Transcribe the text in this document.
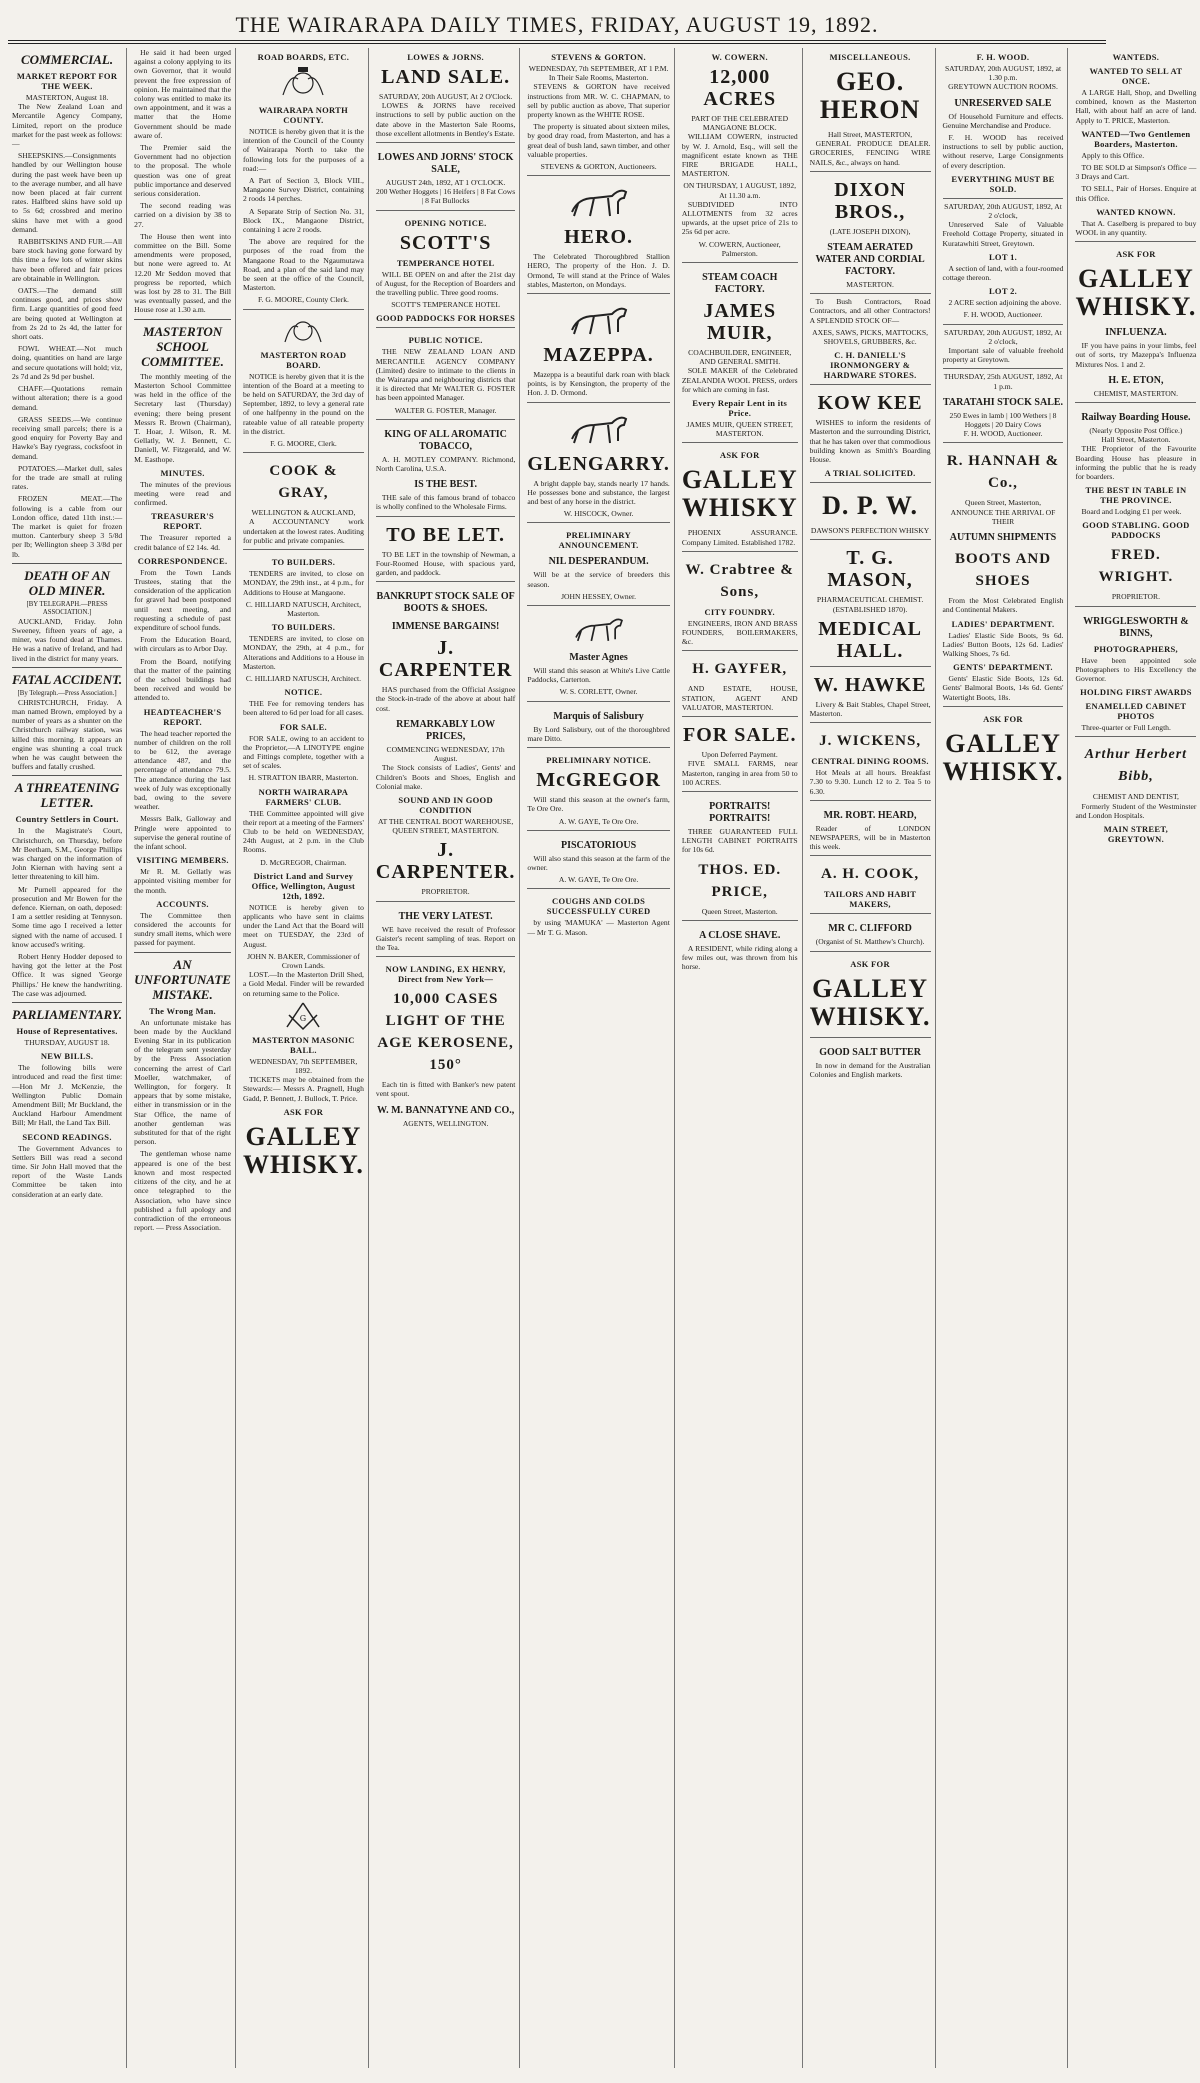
THE WAIRARAPA DAILY TIMES, FRIDAY, AUGUST 19, 1892.
COMMERCIAL.
MARKET REPORT FOR THE WEEK.
MASTERTON, August 18.

The New Zealand Loan and Mercantile Agency Company, Limited, report on the produce market for the past week as follows:—

SHEEPSKINS.—Consignments handled by our Wellington house during the past week have been up to the average number, and all have now been placed at fair current rates. Halfbred skins have sold up to 5s 6d; crossbred and merino skins have met with a good demand.

RABBITSKINS AND FUR.—All bare stock having gone forward by this time a few lots of winter skins have been offered and fair prices are obtainable in Wellington.

OATS.—The demand still continues good, and prices show firm. Large quantities of good feed are being quoted at Wellington at from 2s 2d to 2s 4d, the latter for short oats.

FOWL WHEAT.—Not much doing, quantities on hand are large and secure quotations will hold; viz, 2s 7d and 2s 9d per bushel.

CHAFF.—Quotations remain without alteration; there is a good demand.

GRASS SEEDS.—We continue receiving small parcels; there is a good enquiry for Poverty Bay and Hawke's Bay ryegrass, cocksfoot in demand.

POTATOES.—Market dull, sales for the trade are small at ruling rates.

FROZEN MEAT.—The following is a cable from our London office, dated 11th inst.:—The market is quiet for frozen mutton. Canterbury sheep 3 5/8d per lb; Wellington sheep 3 3/8d per lb.

DEATH OF AN OLD MINER.
[BY TELEGRAPH.—PRESS ASSOCIATION.]

AUCKLAND, Friday. John Sweeney, fifteen years of age, a miner, was found dead at Thames. He was a native of Ireland, and had lived in the district for many years.

FATAL ACCIDENT.
[By Telegraph.—Press Association.]

CHRISTCHURCH, Friday. A man named Brown, employed by a number of years as a shunter on the Christchurch railway station, was killed this morning. It appears an engine was shunting a coal truck when he was caught between the buffers and fatally crushed.

A THREATENING LETTER.
Country Settlers in Court.

In the Magistrate's Court, Christchurch, on Thursday, before Mr Beetham, S.M., George Phillips was charged on the information of John Kiernan with having sent a letter threatening to kill him.

Mr Purnell appeared for the prosecution and Mr Bowen for the defence. Kiernan, on oath, deposed: I am a settler residing at Tennyson. Some time ago I received a letter signed with the name of accused. I know accused's writing.

Robert Henry Hodder deposed to having got the letter at the Post Office. It was signed 'George Phillips.' He knew the handwriting. The case was adjourned.

PARLIAMENTARY.
House of Representatives.
THURSDAY, AUGUST 18.
NEW BILLS.

The following bills were introduced and read the first time:—Hon Mr J. McKenzie, the Wellington Public Domain Amendment Bill; Mr Buckland, the Auckland Harbour Amendment Bill; Mr Hall, the Land Tax Bill.

SECOND READINGS.

The Government Advances to Settlers Bill was read a second time. Sir John Hall moved that the report of the Waste Lands Committee be taken into consideration at an early date.

He said it had been urged against a colony applying to its own Governor, that it would prevent the free expression of opinion. He maintained that the colony was entitled to make its own appointment, and it was a matter that the Home Government should be made aware of.

The Premier said the Government had no objection to the proposal. The whole question was one of great public importance and deserved serious consideration.

The second reading was carried on a division by 38 to 27.

The House then went into committee on the Bill. Some amendments were proposed, but none were agreed to. At 12.20 Mr Seddon moved that progress be reported, which was lost by 28 to 31. The Bill was eventually passed, and the House rose at 1.30 a.m.

MASTERTON SCHOOL COMMITTEE.

The monthly meeting of the Masterton School Committee was held in the office of the Secretary last (Thursday) evening; there being present Messrs R. Brown (Chairman), T. Hoar, J. Wilson, R. M. Gellatly, W. J. Bennett, C. Daniell, W. Fitzgerald, and W. M. Easthope.

MINUTES.

The minutes of the previous meeting were read and confirmed.

TREASURER'S REPORT.

The Treasurer reported a credit balance of £2 14s. 4d.

CORRESPONDENCE.

From the Town Lands Trustees, stating that the consideration of the application for gravel had been postponed until next meeting, and requesting a schedule of past expenditure of school funds.

From the Education Board, with circulars as to Arbor Day.

From the Board, notifying that the matter of the painting of the school buildings had been received and would be attended to.

HEADTEACHER'S REPORT.

The head teacher reported the number of children on the roll to be 612, the average attendance 487, and the percentage of attendance 79.5. The attendance during the last week of July was exceptionally bad, owing to the severe weather.

Messrs Balk, Galloway and Pringle were appointed to supervise the general routine of the infant school.

VISITING MEMBERS.

Mr R. M. Gellatly was appointed visiting member for the month.

ACCOUNTS.

The Committee then considered the accounts for sundry small items, which were passed for payment.

AN UNFORTUNATE MISTAKE.
The Wrong Man.

An unfortunate mistake has been made by the Auckland Evening Star in its publication of the telegram sent yesterday by the Press Association concerning the arrest of Carl Moeller, watchmaker, of Wellington, for forgery. It appears that by some mistake, either in transmission or in the Star Office, the name of another gentleman was substituted for that of the right person.

The gentleman whose name appeared is one of the best known and most respected citizens of the city, and he at once telegraphed to the Association, who have since published a full apology and contradiction of the erroneous report. — Press Association.

ROAD BOARDS, ETC.
WAIRARAPA NORTH COUNTY.

NOTICE is hereby given that it is the intention of the Council of the County of Wairarapa North to take the following lots for the purposes of a road:—

A Part of Section 3, Block VIII., Mangaone Survey District, containing 2 roods 14 perches.

A Separate Strip of Section No. 31, Block IX., Mangaone District, containing 1 acre 2 roods.

The above are required for the purposes of the road from the Mangaone Road to the Ngaumutawa Road, and a plan of the said land may be seen at the office of the Council, Masterton.

F. G. MOORE, County Clerk.
MASTERTON ROAD BOARD.

NOTICE is hereby given that it is the intention of the Board at a meeting to be held on SATURDAY, the 3rd day of September, 1892, to levy a general rate of one halfpenny in the pound on the rateable value of all rateable property in the district.

F. G. MOORE, Clerk.
COOK & GRAY,
WELLINGTON & AUCKLAND,

A ACCOUNTANCY work undertaken at the lowest rates. Auditing for public and private companies.

TO BUILDERS.

TENDERS are invited, to close on MONDAY, the 29th inst., at 4 p.m., for Additions to House at Mangaone.

C. HILLIARD NATUSCH, Architect, Masterton.
TO BUILDERS.

TENDERS are invited, to close on MONDAY, the 29th, at 4 p.m., for Alterations and Additions to a House in Masterton.

C. HILLIARD NATUSCH, Architect.
NOTICE.

THE Fee for removing tenders has been altered to 6d per load for all cases.

FOR SALE.

FOR SALE, owing to an accident to the Proprietor,—A LINOTYPE engine and Fittings complete, together with a set of scales.

H. STRATTON IBARR, Masterton.
NORTH WAIRARAPA FARMERS' CLUB.

THE Committee appointed will give their report at a meeting of the Farmers' Club to be held on WEDNESDAY, 24th August, at 2 p.m. in the Club Rooms.

D. McGREGOR, Chairman.
District Land and Survey Office, Wellington, August 12th, 1892.

NOTICE is hereby given to applicants who have sent in claims under the Land Act that the Board will meet on TUESDAY, the 23rd of August.

JOHN N. BAKER, Commissioner of Crown Lands.

LOST.—In the Masterton Drill Shed, a Gold Medal. Finder will be rewarded on returning same to the Police.

G
MASTERTON MASONIC BALL.
WEDNESDAY, 7th SEPTEMBER, 1892.

TICKETS may be obtained from the Stewards:— Messrs A. Pragnell, Hugh Gadd, P. Bennett, J. Bullock, T. Price.

ASK FOR
GALLEY WHISKY.
LOWES & JORNS.
LAND SALE.
SATURDAY, 20th AUGUST, At 2 O'Clock.

LOWES & JORNS have received instructions to sell by public auction on the date above in the Masterton Sale Rooms, those excellent allotments in Bentley's Estate.

LOWES AND JORNS' STOCK SALE,
AUGUST 24th, 1892, AT 1 O'CLOCK.
200 Wether Hoggets | 16 Heifers | 8 Fat Cows | 8 Fat Bullocks
OPENING NOTICE.
SCOTT'S
TEMPERANCE HOTEL

WILL BE OPEN on and after the 21st day of August, for the Reception of Boarders and the travelling public. Three good rooms.

SCOTT'S TEMPERANCE HOTEL
GOOD PADDOCKS FOR HORSES
PUBLIC NOTICE.

THE NEW ZEALAND LOAN AND MERCANTILE AGENCY COMPANY (Limited) desire to intimate to the clients in the Wairarapa and neighbouring districts that it is directed that Mr WALTER G. FOSTER has been appointed Manager.

WALTER G. FOSTER, Manager.
KING OF ALL AROMATIC TOBACCO,

A. H. MOTLEY COMPANY. Richmond, North Carolina, U.S.A.

IS THE BEST.

THE sale of this famous brand of tobacco is wholly confined to the Wholesale Firms.

TO BE LET.

TO BE LET in the township of Newman, a Four-Roomed House, with spacious yard, garden, and paddock.

BANKRUPT STOCK SALE OF BOOTS & SHOES.
IMMENSE BARGAINS!
J. CARPENTER

HAS purchased from the Official Assignee the Stock-in-trade of the above at about half cost.

REMARKABLY LOW PRICES,
COMMENCING WEDNESDAY, 17th August.

The Stock consists of Ladies', Gents' and Children's Boots and Shoes, English and Colonial make.

SOUND AND IN GOOD CONDITION
AT THE CENTRAL BOOT WAREHOUSE, QUEEN STREET, MASTERTON.
J. CARPENTER.
PROPRIETOR.
THE VERY LATEST.

WE have received the result of Professor Gaister's recent sampling of teas. Report on the Tea.

NOW LANDING, EX HENRY, Direct from New York—
10,000 CASES LIGHT OF THE AGE KEROSENE, 150°

Each tin is fitted with Banker's new patent vent spout.

W. M. BANNATYNE AND CO.,
AGENTS, WELLINGTON.
STEVENS & GORTON.
WEDNESDAY, 7th SEPTEMBER, AT 1 P.M.
In Their Sale Rooms, Masterton.

STEVENS & GORTON have received instructions from MR. W. C. CHAPMAN, to sell by public auction as above, That superior property known as the WHITE ROSE.

The property is situated about sixteen miles, by good dray road, from Masterton, and has a great deal of bush land, sawn timber, and other valuable properties.

STEVENS & GORTON, Auctioneers.
HERO.

The Celebrated Thoroughbred Stallion HERO, The property of the Hon. J. D. Ormond, Te will stand at the Prince of Wales stables, Masterton, on Mondays.

MAZEPPA.

Mazeppa is a beautiful dark roan with black points, is by Kensington, the property of the Hon. J. D. Ormond.

GLENGARRY.

A bright dapple bay, stands nearly 17 hands. He possesses bone and substance, the largest and best of any horse in the district.

W. HISCOCK, Owner.
PRELIMINARY ANNOUNCEMENT.
NIL DESPERANDUM.

Will be at the service of breeders this season.

JOHN HESSEY, Owner.
Master Agnes

Will stand this season at White's Live Cattle Paddocks, Carterton.

W. S. CORLETT, Owner.
Marquis of Salisbury

By Lord Salisbury, out of the thoroughbred mare Ditto.

PRELIMINARY NOTICE.
McGREGOR

Will stand this season at the owner's farm, Te Ore Ore.

A. W. GAYE, Te Ore Ore.
PISCATORIOUS

Will also stand this season at the farm of the owner.

A. W. GAYE, Te Ore Ore.
COUGHS AND COLDS SUCCESSFULLY CURED

by using 'MAMUKA' — Masterton Agent — Mr T. G. Mason.

W. COWERN.
12,000 ACRES
PART OF THE CELEBRATED MANGAONE BLOCK.

WILLIAM COWERN, instructed by W. J. Arnold, Esq., will sell the magnificent estate known as THE FIRE BRIGADE HALL, MASTERTON.

ON THURSDAY, 1 AUGUST, 1892, At 11.30 a.m.

SUBDIVIDED INTO ALLOTMENTS from 32 acres upwards, at the upset price of 21s to 25s 6d per acre.

W. COWERN, Auctioneer, Palmerston.
STEAM COACH FACTORY.
JAMES MUIR,
COACHBUILDER, ENGINEER, AND GENERAL SMITH.

SOLE MAKER of the Celebrated ZEALANDIA WOOL PRESS, orders for which are coming in fast.

Every Repair Lent in its Price.
JAMES MUIR, QUEEN STREET, MASTERTON.
ASK FOR
GALLEY WHISKY

PHOENIX ASSURANCE. Company Limited. Established 1782.

W. Crabtree & Sons,
CITY FOUNDRY.

ENGINEERS, IRON AND BRASS FOUNDERS, BOILERMAKERS, &c.

H. GAYFER,

AND ESTATE, HOUSE, STATION, AGENT AND VALUATOR, MASTERTON.

FOR SALE.
Upon Deferred Payment.

FIVE SMALL FARMS, near Masterton, ranging in area from 50 to 100 ACRES.

PORTRAITS! PORTRAITS!

THREE GUARANTEED FULL LENGTH CABINET PORTRAITS for 10s 6d.

THOS. ED. PRICE,
Queen Street, Masterton.
A CLOSE SHAVE.

A RESIDENT, while riding along a few miles out, was thrown from his horse.

MISCELLANEOUS.
GEO. HERON
Hall Street, MASTERTON,

GENERAL PRODUCE DEALER. GROCERIES, FENCING WIRE NAILS, &c., always on hand.

DIXON BROS.,
(LATE JOSEPH DIXON),
STEAM AERATED WATER AND CORDIAL FACTORY.
MASTERTON.

To Bush Contractors, Road Contractors, and all other Contractors! A SPLENDID STOCK OF—

AXES, SAWS, PICKS, MATTOCKS, SHOVELS, GRUBBERS, &c.
C. H. DANIELL'S IRONMONGERY & HARDWARE STORES.
KOW KEE

WISHES to inform the residents of Masterton and the surrounding District, that he has taken over that commodious building known as Smith's Boarding House.

A TRIAL SOLICITED.
D. P. W.
DAWSON'S PERFECTION WHISKY
T. G. MASON,
PHARMACEUTICAL CHEMIST.
(ESTABLISHED 1870).
MEDICAL HALL.
W. HAWKE

Livery & Bait Stables, Chapel Street, Masterton.

J. WICKENS,
CENTRAL DINING ROOMS.

Hot Meals at all hours. Breakfast 7.30 to 9.30. Lunch 12 to 2. Tea 5 to 6.30.

MR. ROBT. HEARD,

Reader of LONDON NEWSPAPERS, will be in Masterton this week.

A. H. COOK,
TAILORS AND HABIT MAKERS,
MR C. CLIFFORD
(Organist of St. Matthew's Church).
ASK FOR
GALLEY WHISKY.
GOOD SALT BUTTER

In now in demand for the Australian Colonies and English markets.

F. H. WOOD.
SATURDAY, 20th AUGUST, 1892, at 1.30 p.m.
GREYTOWN AUCTION ROOMS.
UNRESERVED SALE

Of Household Furniture and effects. Genuine Merchandise and Produce.

F. H. WOOD has received instructions to sell by public auction, without reserve, Large Consignments of every description.

EVERYTHING MUST BE SOLD.
SATURDAY, 20th AUGUST, 1892, At 2 o'clock,

Unreserved Sale of Valuable Freehold Cottage Property, situated in Kuratawhiti Street, Greytown.

LOT 1.

A section of land, with a four-roomed cottage thereon.

LOT 2.

2 ACRE section adjoining the above.

F. H. WOOD, Auctioneer.
SATURDAY, 20th AUGUST, 1892, At 2 o'clock,

Important sale of valuable freehold property at Greytown.

THURSDAY, 25th AUGUST, 1892, At 1 p.m.
TARATAHI STOCK SALE.
250 Ewes in lamb | 100 Wethers | 8 Hoggets | 20 Dairy Cows
F. H. WOOD, Auctioneer.
R. HANNAH & Co.,
Queen Street, Masterton,
ANNOUNCE THE ARRIVAL OF THEIR
AUTUMN SHIPMENTS
BOOTS AND SHOES

From the Most Celebrated English and Continental Makers.

LADIES' DEPARTMENT.

Ladies' Elastic Side Boots, 9s 6d. Ladies' Button Boots, 12s 6d. Ladies' Walking Shoes, 7s 6d.

GENTS' DEPARTMENT.

Gents' Elastic Side Boots, 12s 6d. Gents' Balmoral Boots, 14s 6d. Gents' Watertight Boots, 18s.

ASK FOR
GALLEY WHISKY.
WANTEDS.
WANTED TO SELL AT ONCE.

A LARGE Hall, Shop, and Dwelling combined, known as the Masterton Hall, with about half an acre of land. Apply to T. PRICE, Masterton.

WANTED—Two Gentlemen Boarders, Masterton.

Apply to this Office.

TO BE SOLD at Simpson's Office — 3 Drays and Cart.

TO SELL, Pair of Horses. Enquire at this Office.

WANTED KNOWN.

That A. Caselberg is prepared to buy WOOL in any quantity.

ASK FOR
GALLEY WHISKY.
INFLUENZA.

IF you have pains in your limbs, feel out of sorts, try Mazeppa's Influenza Mixtures Nos. 1 and 2.

H. E. ETON,
CHEMIST, MASTERTON.
Railway Boarding House.
(Nearly Opposite Post Office.)
Hall Street, Masterton.

THE Proprietor of the Favourite Boarding House has pleasure in informing the public that he is ready for boarders.

THE BEST IN TABLE IN THE PROVINCE.

Board and Lodging £1 per week.

GOOD STABLING. GOOD PADDOCKS
FRED. WRIGHT.
PROPRIETOR.
WRIGGLESWORTH & BINNS,
PHOTOGRAPHERS,

Have been appointed sole Photographers to His Excellency the Governor.

HOLDING FIRST AWARDS
ENAMELLED CABINET PHOTOS

Three-quarter or Full Length.

Arthur Herbert Bibb,
CHEMIST AND DENTIST,

Formerly Student of the Westminster and London Hospitals.

MAIN STREET, GREYTOWN.
